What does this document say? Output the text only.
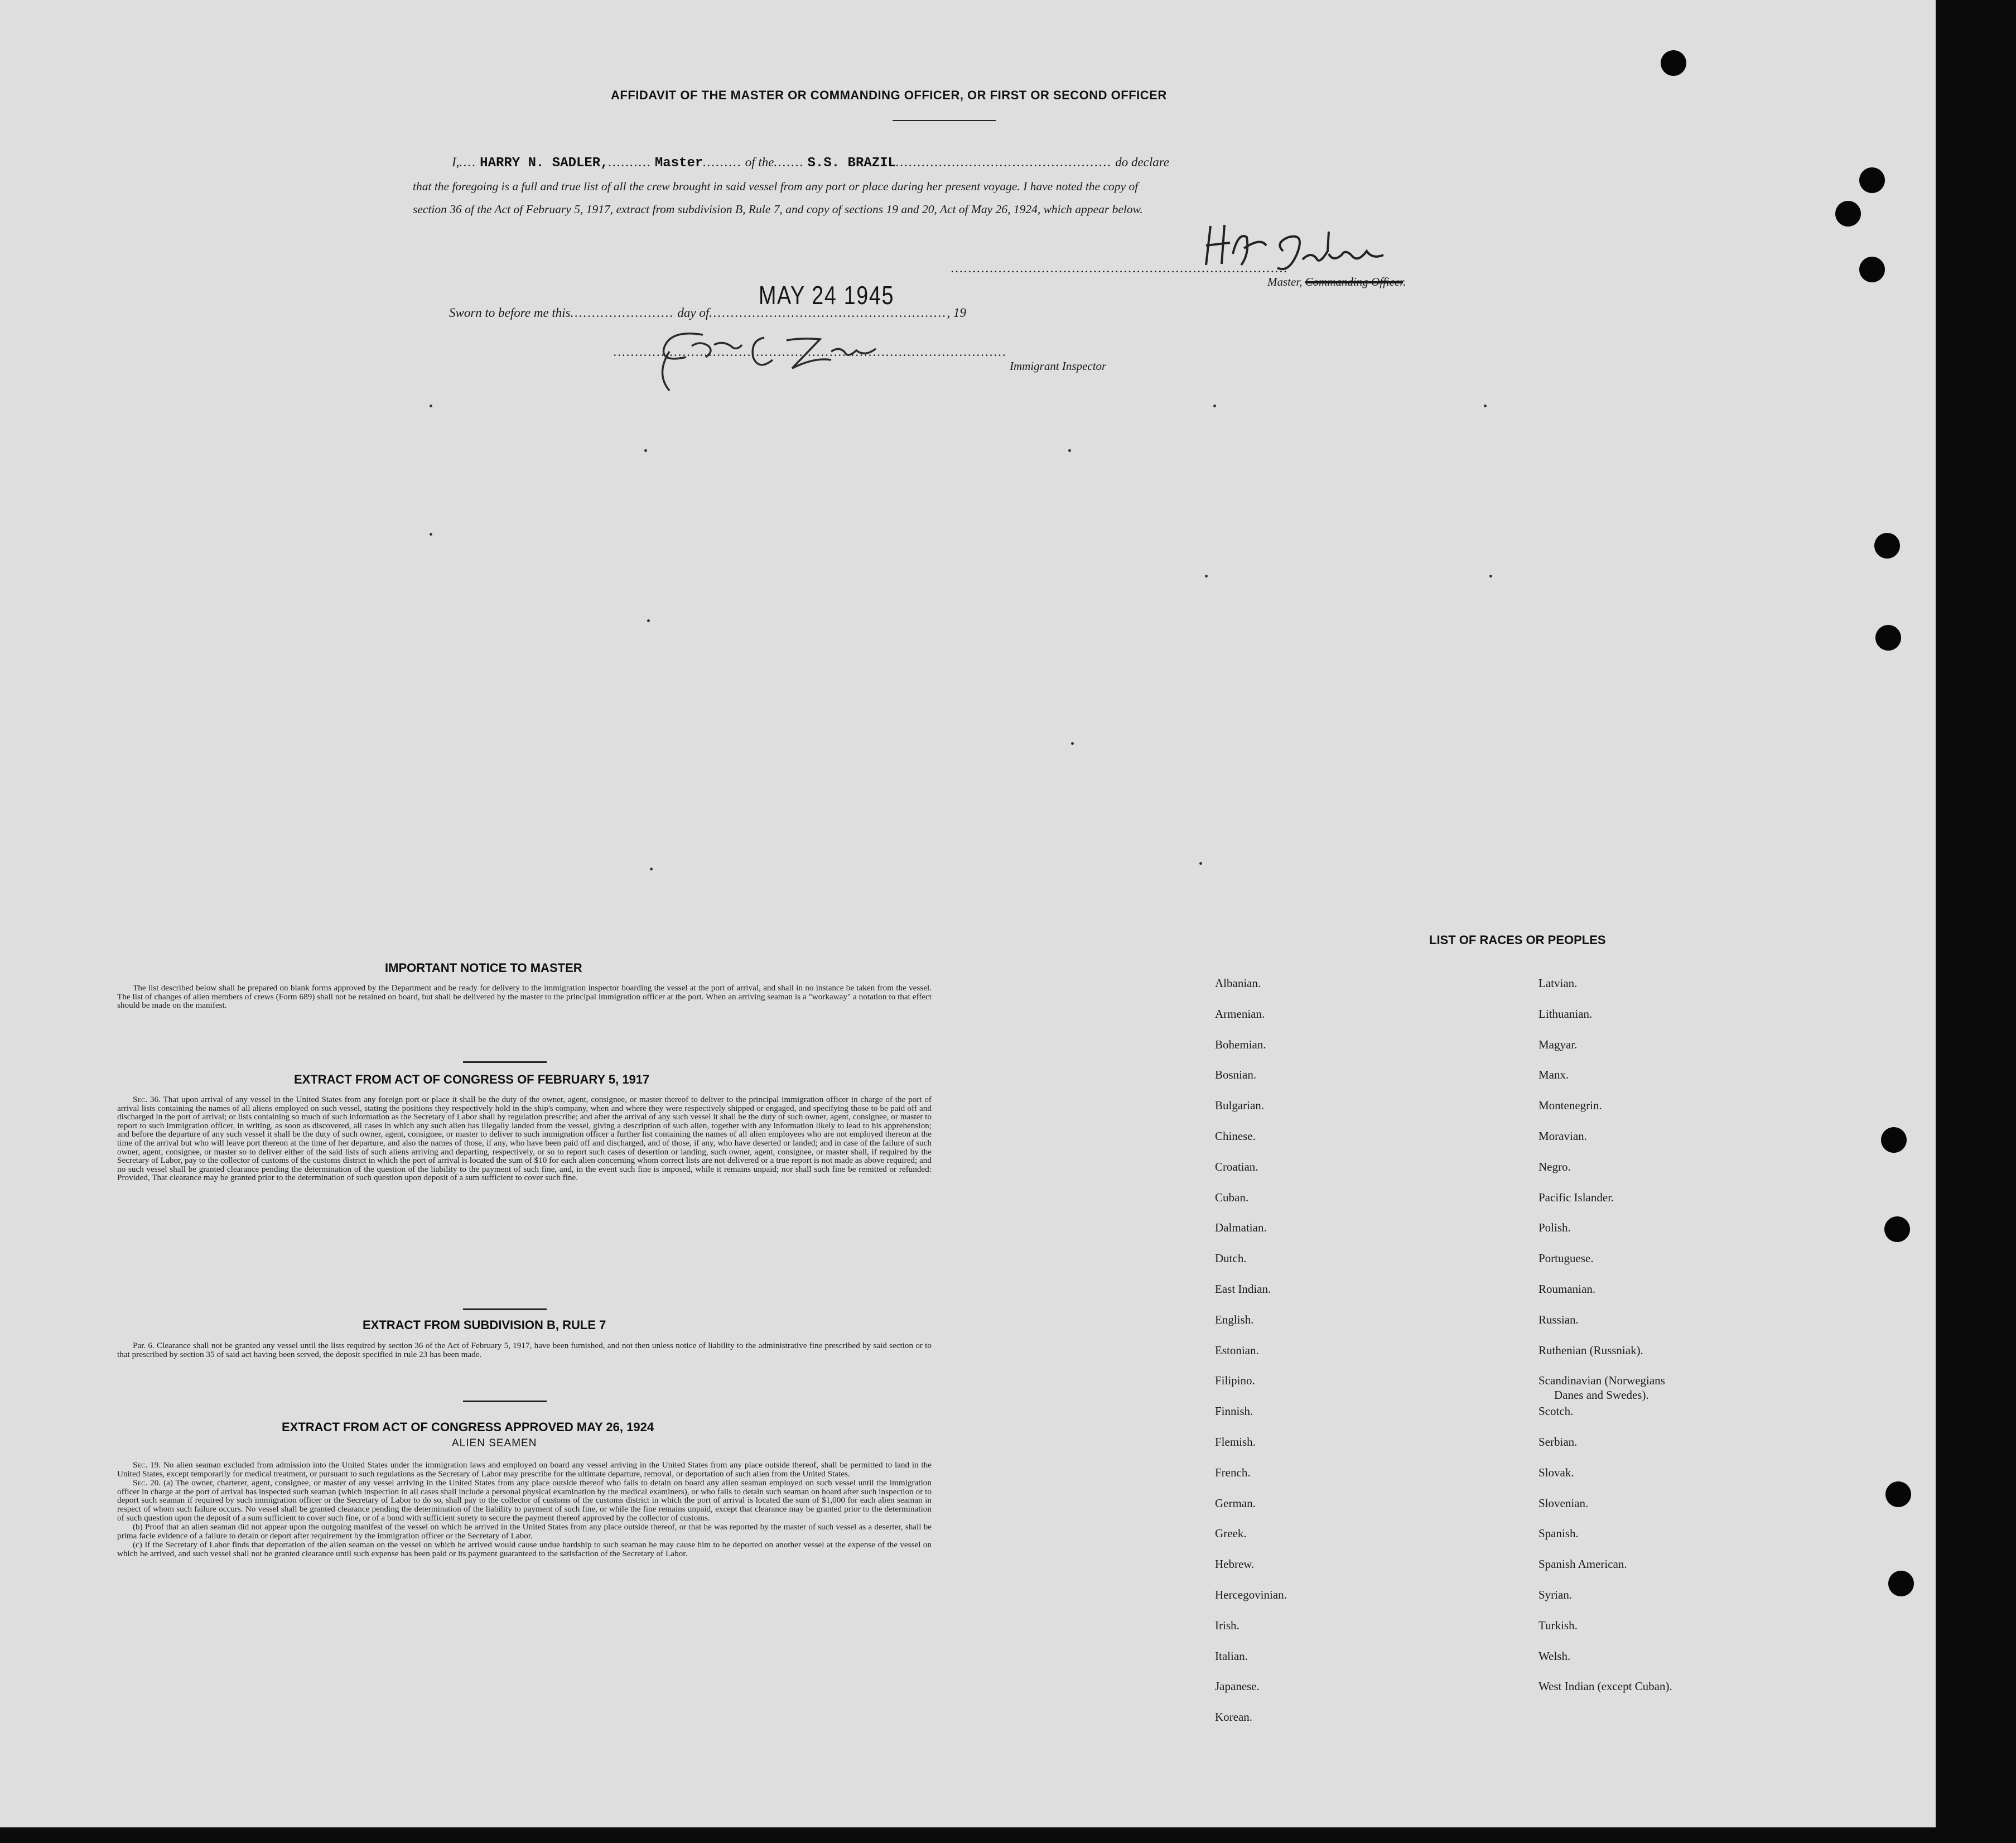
AFFIDAVIT OF THE MASTER OR COMMANDING OFFICER, OR FIRST OR SECOND OFFICER
I,.... HARRY N. SADLER,.......... Master......... of the....... S.S. BRAZIL.................................................. do declare
that the foregoing is a full and true list of all the crew brought in said vessel from any port or place during her present voyage. I have noted the copy of
section 36 of the Act of February 5, 1917, extract from subdivision B, Rule 7, and copy of sections 19 and 20, Act of May 26, 1924, which appear below.
..............................................................................
Master, Commanding Officer.
MAY 24 1945
Sworn to before me this........................ day of......................................................., 19
...........................................................................................
Immigrant Inspector
IMPORTANT NOTICE TO MASTER

The list described below shall be prepared on blank forms approved by the Department and be ready for delivery to the immigration inspector boarding the vessel at the port of arrival, and shall in no instance be taken from the vessel. The list of changes of alien members of crews (Form 689) shall not be retained on board, but shall be delivered by the master to the principal immigration officer at the port. When an arriving seaman is a "workaway" a notation to that effect should be made on the manifest.

EXTRACT FROM ACT OF CONGRESS OF FEBRUARY 5, 1917

Sec. 36. That upon arrival of any vessel in the United States from any foreign port or place it shall be the duty of the owner, agent, consignee, or master thereof to deliver to the principal immigration officer in charge of the port of arrival lists containing the names of all aliens employed on such vessel, stating the positions they respectively hold in the ship's company, when and where they were respectively shipped or engaged, and specifying those to be paid off and discharged in the port of arrival; or lists containing so much of such information as the Secretary of Labor shall by regulation prescribe; and after the arrival of any such vessel it shall be the duty of such owner, agent, consignee, or master to report to such immigration officer, in writing, as soon as discovered, all cases in which any such alien has illegally landed from the vessel, giving a description of such alien, together with any information likely to lead to his apprehension; and before the departure of any such vessel it shall be the duty of such owner, agent, consignee, or master to deliver to such immigration officer a further list containing the names of all alien employees who are not employed thereon at the time of the arrival but who will leave port thereon at the time of her departure, and also the names of those, if any, who have been paid off and discharged, and of those, if any, who have deserted or landed; and in case of the failure of such owner, agent, consignee, or master so to deliver either of the said lists of such aliens arriving and departing, respectively, or so to report such cases of desertion or landing, such owner, agent, consignee, or master shall, if required by the Secretary of Labor, pay to the collector of customs of the customs district in which the port of arrival is located the sum of $10 for each alien concerning whom correct lists are not delivered or a true report is not made as above required; and no such vessel shall be granted clearance pending the determination of the question of the liability to the payment of such fine, and, in the event such fine is imposed, while it remains unpaid; nor shall such fine be remitted or refunded: Provided, That clearance may be granted prior to the determination of such question upon deposit of a sum sufficient to cover such fine.

EXTRACT FROM SUBDIVISION B, RULE 7

Par. 6. Clearance shall not be granted any vessel until the lists required by section 36 of the Act of February 5, 1917, have been furnished, and not then unless notice of liability to the administrative fine prescribed by said section or to that prescribed by section 35 of said act having been served, the deposit specified in rule 23 has been made.

EXTRACT FROM ACT OF CONGRESS APPROVED MAY 26, 1924
ALIEN SEAMEN

Sec. 19. No alien seaman excluded from admission into the United States under the immigration laws and employed on board any vessel arriving in the United States from any place outside thereof, shall be permitted to land in the United States, except temporarily for medical treatment, or pursuant to such regulations as the Secretary of Labor may prescribe for the ultimate departure, removal, or deportation of such alien from the United States.

Sec. 20. (a) The owner, charterer, agent, consignee, or master of any vessel arriving in the United States from any place outside thereof who fails to detain on board any alien seaman employed on such vessel until the immigration officer in charge at the port of arrival has inspected such seaman (which inspection in all cases shall include a personal physical examination by the medical examiners), or who fails to detain such seaman on board after such inspection or to deport such seaman if required by such immigration officer or the Secretary of Labor to do so, shall pay to the collector of customs of the customs district in which the port of arrival is located the sum of $1,000 for each alien seaman in respect of whom such failure occurs. No vessel shall be granted clearance pending the determination of the liability to payment of such fine, or while the fine remains unpaid, except that clearance may be granted prior to the determination of such question upon the deposit of a sum sufficient to cover such fine, or of a bond with sufficient surety to secure the payment thereof approved by the collector of customs.

(b) Proof that an alien seaman did not appear upon the outgoing manifest of the vessel on which he arrived in the United States from any place outside thereof, or that he was reported by the master of such vessel as a deserter, shall be prima facie evidence of a failure to detain or deport after requirement by the immigration officer or the Secretary of Labor.

(c) If the Secretary of Labor finds that deportation of the alien seaman on the vessel on which he arrived would cause undue hardship to such seaman he may cause him to be deported on another vessel at the expense of the vessel on which he arrived, and such vessel shall not be granted clearance until such expense has been paid or its payment guaranteed to the satisfaction of the Secretary of Labor.

LIST OF RACES OR PEOPLES
Albanian.
Armenian.
Bohemian.
Bosnian.
Bulgarian.
Chinese.
Croatian.
Cuban.
Dalmatian.
Dutch.
East Indian.
English.
Estonian.
Filipino.
Finnish.
Flemish.
French.
German.
Greek.
Hebrew.
Hercegovinian.
Irish.
Italian.
Japanese.
Korean.
Latvian.
Lithuanian.
Magyar.
Manx.
Montenegrin.
Moravian.
Negro.
Pacific Islander.
Polish.
Portuguese.
Roumanian.
Russian.
Ruthenian (Russniak).
Scandinavian (Norwegians
Danes and Swedes).
Scotch.
Serbian.
Slovak.
Slovenian.
Spanish.
Spanish American.
Syrian.
Turkish.
Welsh.
West Indian (except Cuban).
